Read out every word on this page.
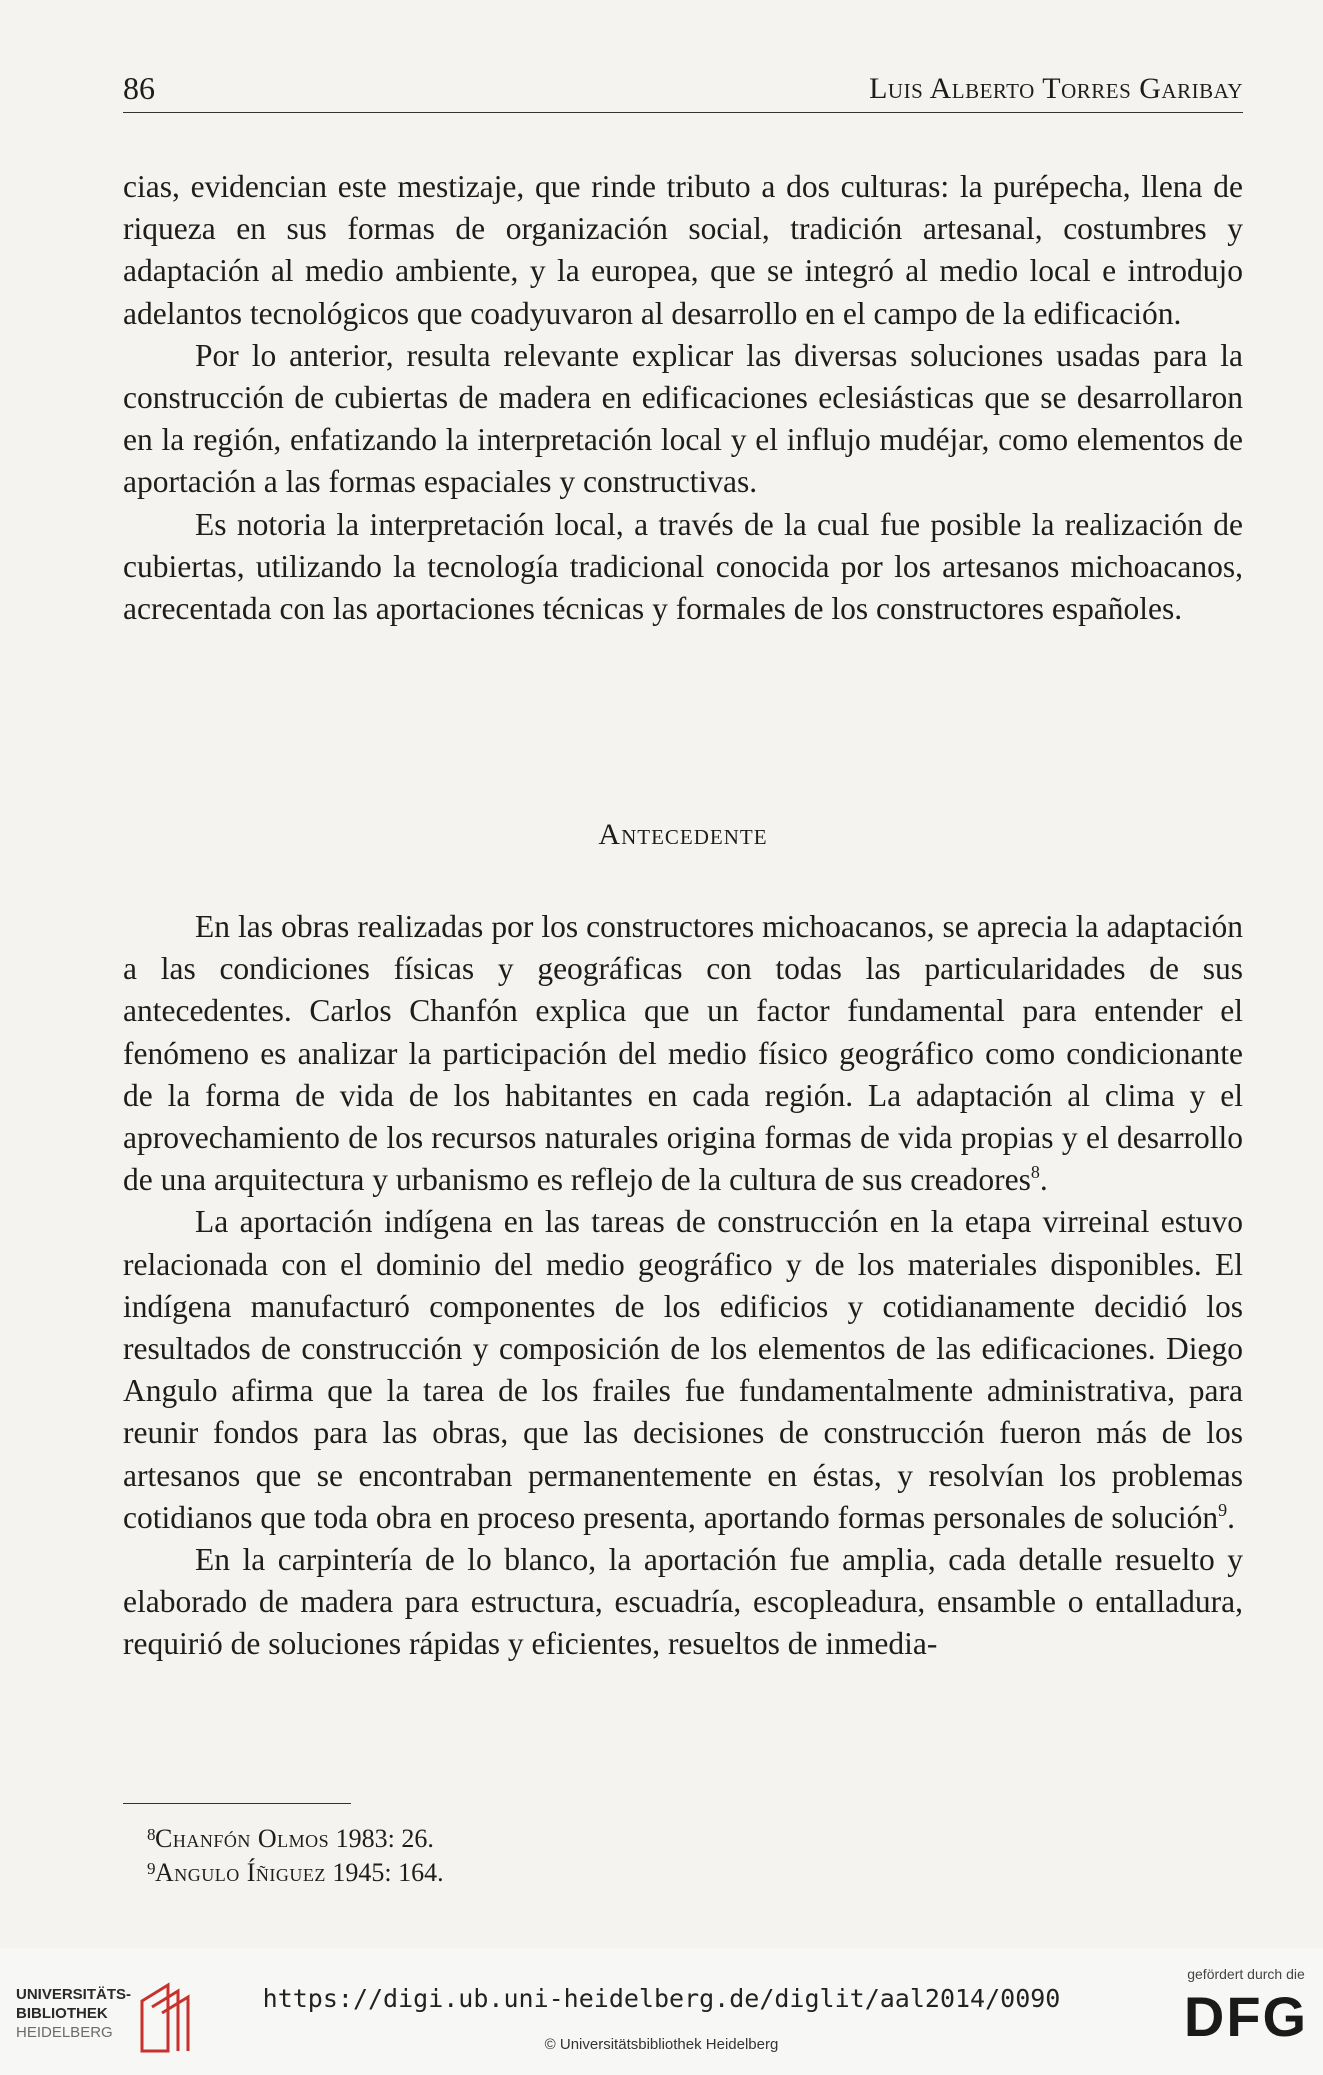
86	Luis Alberto Torres Garibay

cias, evidencian este mestizaje, que rinde tributo a dos culturas: la purépecha, llena de riqueza en sus formas de organización social, tradición artesanal, costumbres y adaptación al medio ambiente, y la europea, que se integró al medio local e introdujo adelantos tecnológicos que coadyuvaron al desarrollo en el campo de la edificación.

Por lo anterior, resulta relevante explicar las diversas soluciones usadas para la construcción de cubiertas de madera en edificaciones eclesiásticas que se desarrollaron en la región, enfatizando la interpretación local y el influjo mudéjar, como elementos de aportación a las formas espaciales y constructivas.

Es notoria la interpretación local, a través de la cual fue posible la realización de cubiertas, utilizando la tecnología tradicional conocida por los artesanos michoacanos, acrecentada con las aportaciones técnicas y formales de los constructores españoles.

Antecedente

En las obras realizadas por los constructores michoacanos, se aprecia la adaptación a las condiciones físicas y geográficas con todas las particularidades de sus antecedentes. Carlos Chanfón explica que un factor fundamental para entender el fenómeno es analizar la participación del medio físico geográfico como condicionante de la forma de vida de los habitantes en cada región. La adaptación al clima y el aprovechamiento de los recursos naturales origina formas de vida propias y el desarrollo de una arquitectura y urbanismo es reflejo de la cultura de sus creadores$^8$.

La aportación indígena en las tareas de construcción en la etapa virreinal estuvo relacionada con el dominio del medio geográfico y de los materiales disponibles. El indígena manufacturó componentes de los edificios y cotidianamente decidió los resultados de construcción y composición de los elementos de las edificaciones. Diego Angulo afirma que la tarea de los frailes fue fundamentalmente administrativa, para reunir fondos para las obras, que las decisiones de construcción fueron más de los artesanos que se encontraban permanentemente en éstas, y resolvían los problemas cotidianos que toda obra en proceso presenta, aportando formas personales de solución$^9$.

En la carpintería de lo blanco, la aportación fue amplia, cada detalle resuelto y elaborado de madera para estructura, escuadría, escopleadura, ensamble o entalladura, requirió de soluciones rápidas y eficientes, resueltos de inmedia-

8 Chanfón Olmos 1983: 26.
9 Angulo Íñiguez 1945: 164.
UNIVERSITÄTS-
BIBLIOTHEK
HEIDELBERG
https://digi.ub.uni-heidelberg.de/diglit/aal2014/0090
© Universitätsbibliothek Heidelberg
gefördert durch die
DFG
